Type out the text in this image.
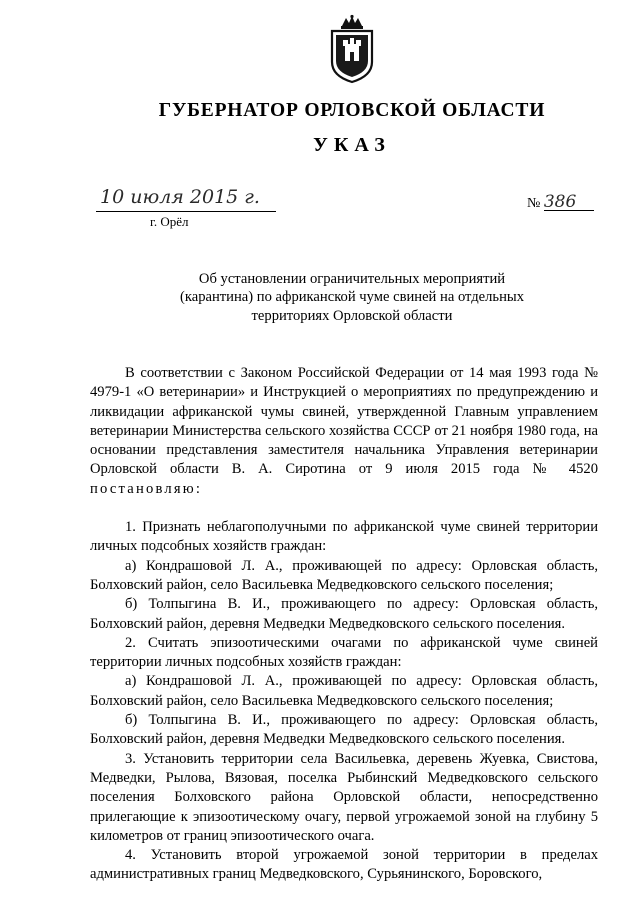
ГУБЕРНАТОР ОРЛОВСКОЙ ОБЛАСТИ
УКАЗ
10 июля 2015 г.
г. Орёл
№ 386
Об установлении ограничительных мероприятий
(карантина) по африканской чуме свиней на отдельных
территориях Орловской области

В соответствии с Законом Российской Федерации от 14 мая 1993 года № 4979-1 «О ветеринарии» и Инструкцией о мероприятиях по предупреждению и ликвидации африканской чумы свиней, утвержденной Главным управлением ветеринарии Министерства сельского хозяйства СССР от 21 ноября 1980 года, на основании представления заместителя начальника Управления ветеринарии Орловской области В. А. Сиротина от 9 июля 2015 года № 4520 постановляю:

1. Признать неблагополучными по африканской чуме свиней территории личных подсобных хозяйств граждан:

а) Кондрашовой Л. А., проживающей по адресу: Орловская область, Болховский район, село Васильевка Медведковского сельского поселения;

б) Толпыгина В. И., проживающего по адресу: Орловская область, Болховский район, деревня Медведки Медведковского сельского поселения.

2. Считать эпизоотическими очагами по африканской чуме свиней территории личных подсобных хозяйств граждан:

а) Кондрашовой Л. А., проживающей по адресу: Орловская область, Болховский район, село Васильевка Медведковского сельского поселения;

б) Толпыгина В. И., проживающего по адресу: Орловская область, Болховский район, деревня Медведки Медведковского сельского поселения.

3. Установить территории села Васильевка, деревень Жуевка, Свистова, Медведки, Рылова, Вязовая, поселка Рыбинский Медведковского сельского поселения Болховского района Орловской области, непосредственно прилегающие к эпизоотическому очагу, первой угрожаемой зоной на глубину 5 километров от границ эпизоотического очага.

4. Установить второй угрожаемой зоной территории в пределах административных границ Медведковского, Сурьянинского, Боровского,
